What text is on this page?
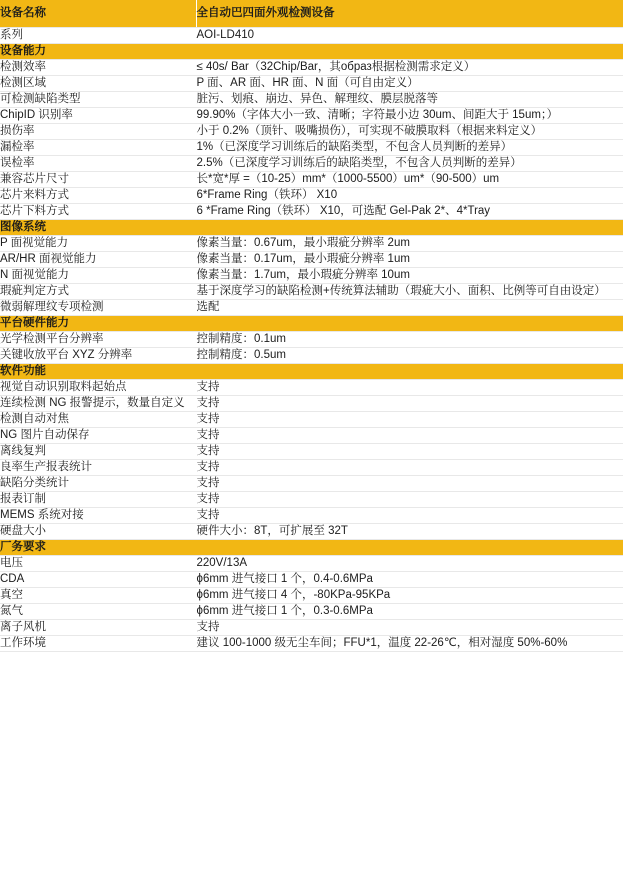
设备名称	全自动巴四面外观检测设备
系列	AOI-LD410
设备能力	
检测效率	≤ 40s/ Bar（32Chip/Bar，其образ根据检测需求定义）
检测区域	P 面、AR 面、HR 面、N 面（可自由定义）
可检测缺陷类型	脏污、划痕、崩边、异色、解理纹、膜层脱落等
ChipID 识别率	99.90%（字体大小一致、清晰；字符最小边 30um、间距大于 15um；）
损伤率	小于 0.2%（顶针、吸嘴损伤），可实现不破膜取料（根据来料定义）
漏检率	1%（已深度学习训练后的缺陷类型，不包含人员判断的差异）
误检率	2.5%（已深度学习训练后的缺陷类型，不包含人员判断的差异）
兼容芯片尺寸	长*宽*厚 =（10-25）mm*（1000-5500）um*（90-500）um
芯片来料方式	6*Frame Ring（铁环） X10
芯片下料方式	6 *Frame Ring（铁环） X10，可选配 Gel-Pak 2*、4*Tray
图像系统	
P 面视觉能力	像素当量：0.67um，最小瑕疵分辨率 2um
AR/HR 面视觉能力	像素当量：0.17um，最小瑕疵分辨率 1um
N 面视觉能力	像素当量：1.7um，最小瑕疵分辨率 10um
瑕疵判定方式	基于深度学习的缺陷检测+传统算法辅助（瑕疵大小、面积、比例等可自由设定）
微弱解理纹专项检测	选配
平台硬件能力	
光学检测平台分辨率	控制精度：0.1um
关键收放平台 XYZ 分辨率	控制精度：0.5um
软件功能	
视觉自动识别取料起始点	支持
连续检测 NG 报警提示，数量自定义	支持
检测自动对焦	支持
NG 图片自动保存	支持
离线复判	支持
良率生产报表统计	支持
缺陷分类统计	支持
报表订制	支持
MEMS 系统对接	支持
硬盘大小	硬件大小：8T，可扩展至 32T
厂务要求	
电压	220V/13A
CDA	ϕ6mm 进气接口 1 个，0.4-0.6MPa
真空	ϕ6mm 进气接口 4 个，-80KPa-95KPa
氮气	ϕ6mm 进气接口 1 个，0.3-0.6MPa
离子风机	支持
工作环境	建议 100-1000 级无尘车间；FFU*1，温度 22-26℃，相对湿度 50%-60%
